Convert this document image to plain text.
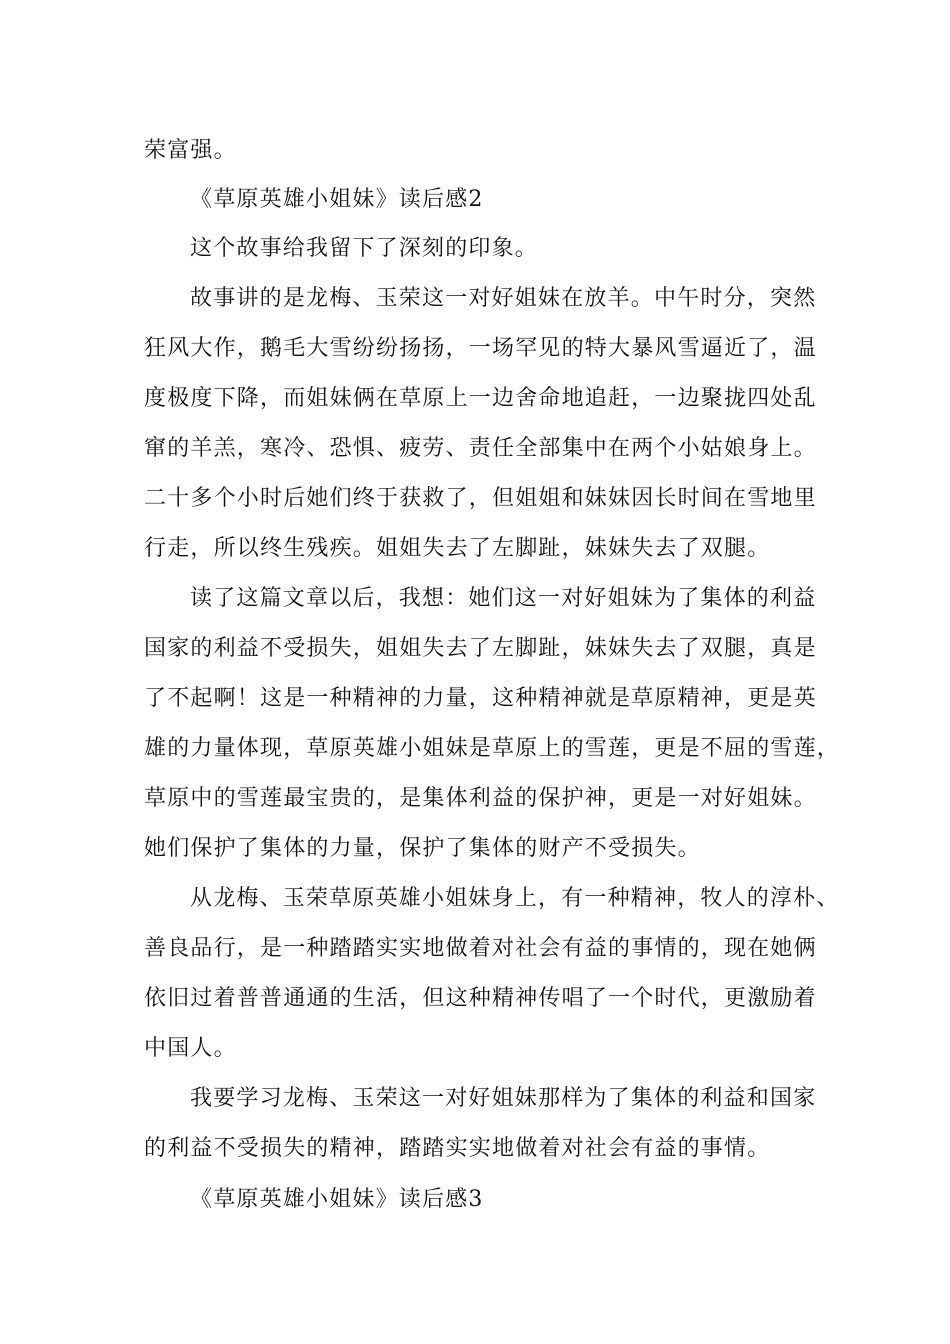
荣富强。

《草原英雄小姐妹》读后感2

这个故事给我留下了深刻的印象。

故事讲的是龙梅、玉荣这一对好姐妹在放羊。中午时分，突然

狂风大作，鹅毛大雪纷纷扬扬，一场罕见的特大暴风雪逼近了，温

度极度下降，而姐妹俩在草原上一边舍命地追赶，一边聚拢四处乱

窜的羊羔，寒冷、恐惧、疲劳、责任全部集中在两个小姑娘身上。

二十多个小时后她们终于获救了，但姐姐和妹妹因长时间在雪地里

行走，所以终生残疾。姐姐失去了左脚趾，妹妹失去了双腿。

读了这篇文章以后，我想：她们这一对好姐妹为了集体的利益

国家的利益不受损失，姐姐失去了左脚趾，妹妹失去了双腿，真是

了不起啊！这是一种精神的力量，这种精神就是草原精神，更是英

雄的力量体现，草原英雄小姐妹是草原上的雪莲，更是不屈的雪莲，

草原中的雪莲最宝贵的，是集体利益的保护神，更是一对好姐妹。

她们保护了集体的力量，保护了集体的财产不受损失。

从龙梅、玉荣草原英雄小姐妹身上，有一种精神，牧人的淳朴、

善良品行，是一种踏踏实实地做着对社会有益的事情的，现在她俩

依旧过着普普通通的生活，但这种精神传唱了一个时代，更激励着

中国人。

我要学习龙梅、玉荣这一对好姐妹那样为了集体的利益和国家

的利益不受损失的精神，踏踏实实地做着对社会有益的事情。

《草原英雄小姐妹》读后感3
